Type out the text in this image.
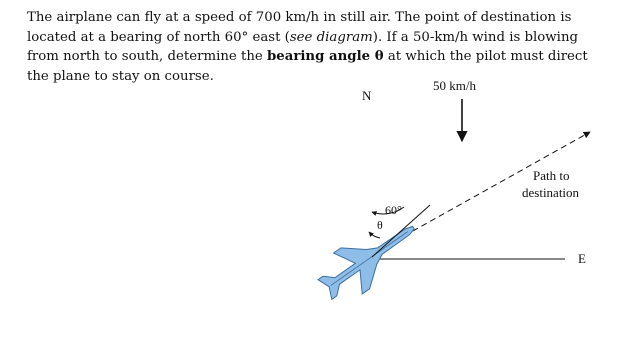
The airplane can fly at a speed of 700 km/h in still air. The point of destination is located at a bearing of north 60° east (see diagram). If a 50-km/h wind is blowing from north to south, determine the bearing angle θ at which the pilot must direct the plane to stay on course.

N
50 km/h
Path to
destination
E
60°
θ
